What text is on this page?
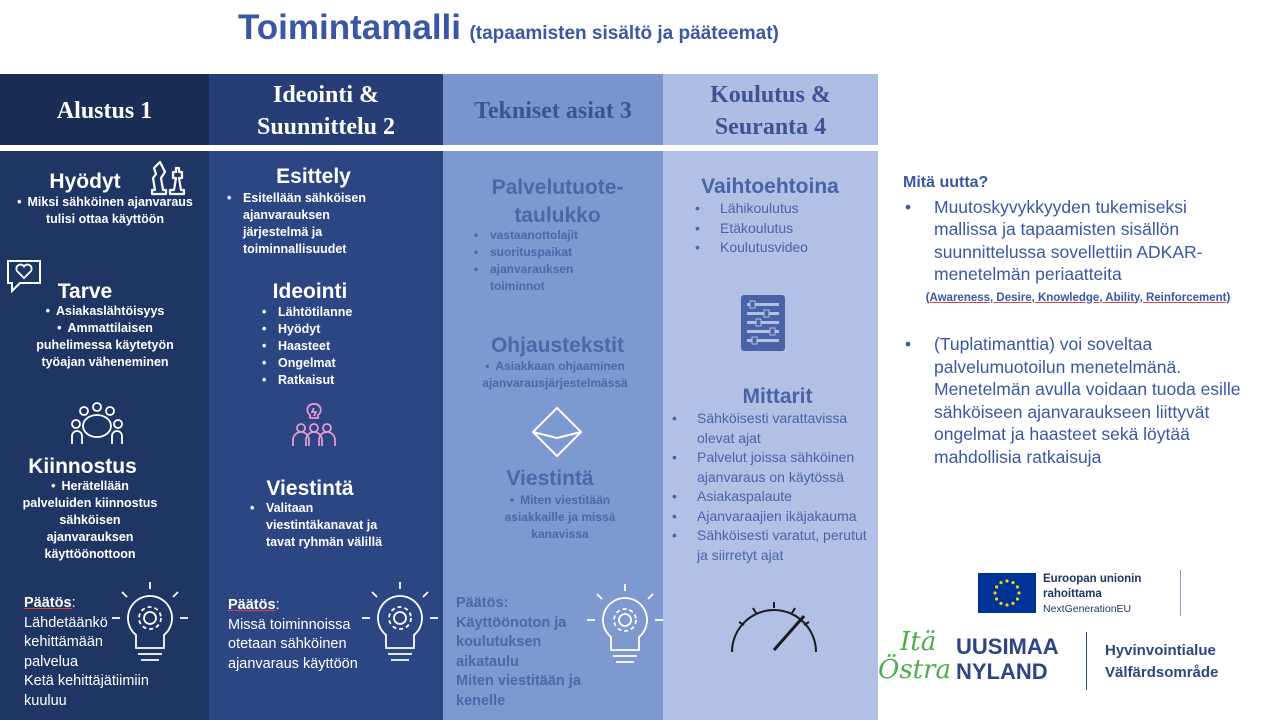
Toimintamalli (tapaamisten sisältö ja pääteemat)
Alustus 1
Ideointi &
Suunnittelu 2
Tekniset asiat 3
Koulutus &
Seuranta 4
Hyödyt
• Miksi sähköinen ajanvaraus tulisi ottaa käyttöön
Tarve
• Asiakaslähtöisyys
• Ammattilaisen puhelimessa käytetyön työajan väheneminen
Kiinnostus
• Herätellään palveluiden kiinnostus sähköisen ajanvarauksen käyttöönottoon
Päätös:
Lähdetäänkö kehittämään palvelua
Ketä kehittäjätiimiin kuuluu
Esittely
• Esitellään sähköisen ajanvarauksen järjestelmä ja toiminnallisuudet
Ideointi
• Lähtötilanne
• Hyödyt
• Haasteet
• Ongelmat
• Ratkaisut
Viestintä
• Valitaan viestintäkanavat ja tavat ryhmän välillä
Päätös:
Missä toiminnoissa otetaan sähköinen ajanvaraus käyttöön
Palvelutuote-
taulukko
• vastaanottolajit
• suorituspaikat
• ajanvarauksen toiminnot
Ohjaustekstit
• Asiakkaan ohjaaminen ajanvarausjärjestelmässä
Viestintä
• Miten viestitään asiakkaille ja missä kanavissa
Päätös:
Käyttöönoton ja koulutuksen aikataulu
Miten viestitään ja kenelle
Vaihtoehtoina
• Lähikoulutus
• Etäkoulutus
• Koulutusvideo
Mittarit
• Sähköisesti varattavissa olevat ajat
• Palvelut joissa sähköinen ajanvaraus on käytössä
• Asiakaspalaute
• Ajanvaraajien ikäjakauma
• Sähköisesti varatut, perutut ja siirretyt ajat
Mitä uutta?
• Muutoskyvykkyyden tukemiseksi mallissa ja tapaamisten sisällön suunnittelussa sovellettiin ADKAR-menetelmän periaatteita
(Awareness, Desire, Knowledge, Ability, Reinforcement)
• (Tuplatimanttia) voi soveltaa palvelumuotoilun menetelmänä. Menetelmän avulla voidaan tuoda esille sähköiseen ajanvaraukseen liittyvät ongelmat ja haasteet sekä löytää mahdollisia ratkaisuja
Euroopan unionin
rahoittama
NextGenerationEU
Itä
Östra
UUSIMAA
NYLAND
Hyvinvointialue
Välfärdsområde
